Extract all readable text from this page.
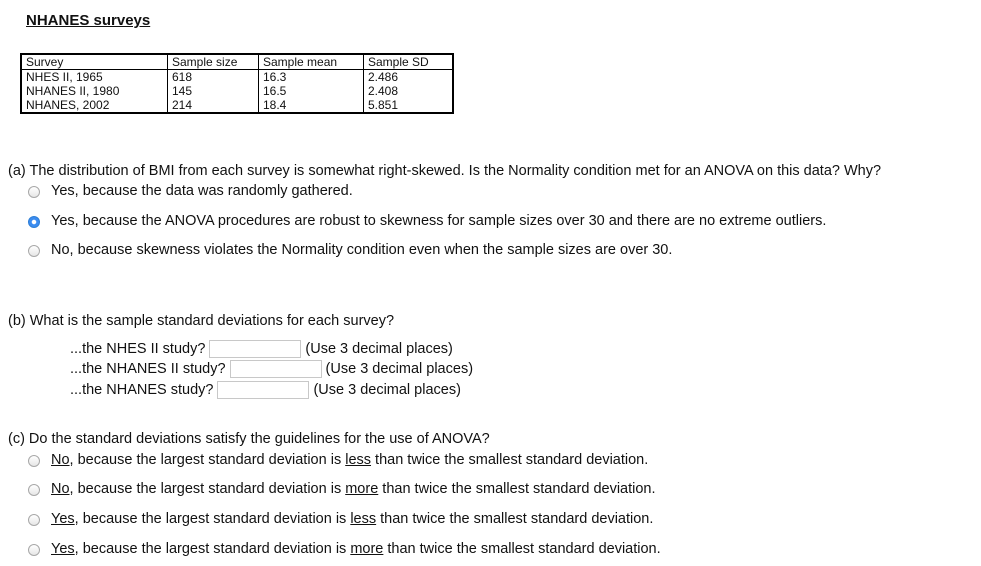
NHANES surveys
Survey	Sample size	Sample mean	Sample SD
NHES II, 1965	618	16.3	2.486
NHANES II, 1980	145	16.5	2.408
NHANES, 2002	214	18.4	5.851
(a) The distribution of BMI from each survey is somewhat right-skewed. Is the Normality condition met for an ANOVA on this data? Why?
Yes, because the data was randomly gathered.
Yes, because the ANOVA procedures are robust to skewness for sample sizes over 30 and there are no extreme outliers.
No, because skewness violates the Normality condition even when the sample sizes are over 30.
(b) What is the sample standard deviations for each survey?
...the NHES II study?	(Use 3 decimal places)
...the NHANES II study?	(Use 3 decimal places)
...the NHANES study?	(Use 3 decimal places)
(c) Do the standard deviations satisfy the guidelines for the use of ANOVA?
No, because the largest standard deviation is less than twice the smallest standard deviation.
No, because the largest standard deviation is more than twice the smallest standard deviation.
Yes, because the largest standard deviation is less than twice the smallest standard deviation.
Yes, because the largest standard deviation is more than twice the smallest standard deviation.
